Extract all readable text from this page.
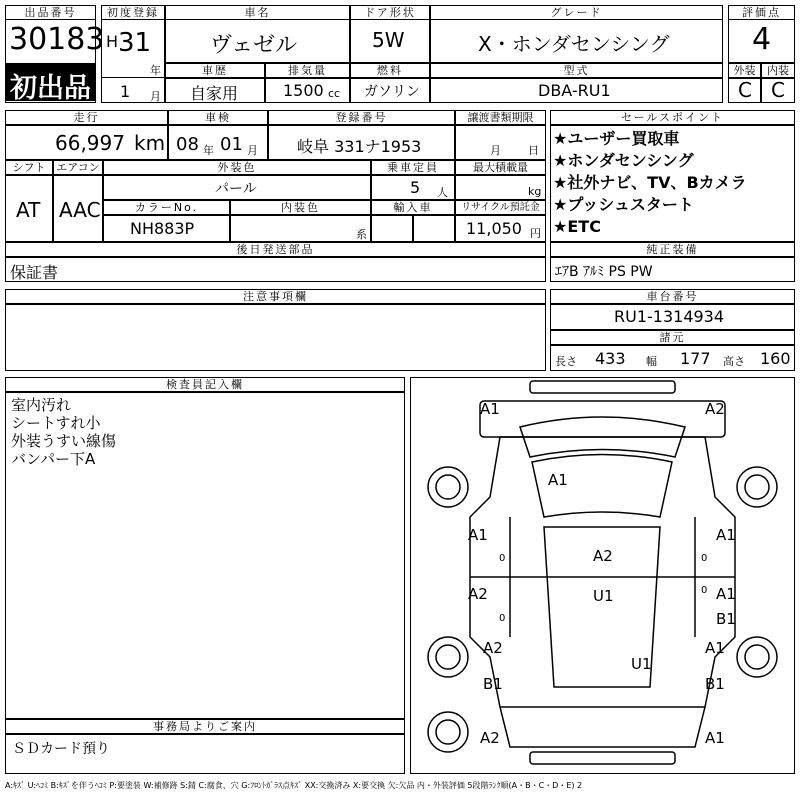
出品番号
30183
初出品
初度登録
H 31
年
1 月
車名
ヴェゼル
ドア形状
5W
グレード
X・ホンダセンシング
評価点
4
車歴
自家用
排気量
1500 cc
燃料
ガソリン
型式
DBA-RU1
外装	内装
C C
走行
66,997 km
車検
08 年 01 月
登録番号
岐阜 331ナ1953
譲渡書類期限
月 日
シフト エアコン
AT AAC
外装色
パール
乗車定員
5 人
最大積載量
kg
カラーNo.
NH883P
内装色
系
輸入車	リサイクル預託金
11,050 円
セールスポイント
★ユーザー買取車
★ホンダセンシング
★社外ナビ、TV、Bカメラ
★プッシュスタート
★ETC
後日発送部品
保証書
純正装備
ｴｱB ｱﾙﾐ PS PW
注意事項欄	車台番号
RU1-1314934
諸元
長さ 433 幅 177 高さ 160
検査員記入欄
室内汚れ
シートすれ小
外装うすい線傷
バンパー下A
事務局よりご案内
ＳＤカード預り
A1	A2
A1
A1	A1
A2
A2	U1	A1
B1
A2	A1
U1
B1	B1
A2	A1
0	0
0
0
A:ｷｽﾞ U:ﾍｺﾐ B:ｷｽﾞを伴うﾍｺﾐ P:要塗装 W:補修跡 S:錆 C:腐食、穴 G:ﾌﾛﾝﾄｶﾞﾗｽ点ｷｽﾞ XX:交換済み X:要交換 欠:欠品 内・外装評価 5段階ﾗﾝｸ順(A・B・C・D・E) 2
